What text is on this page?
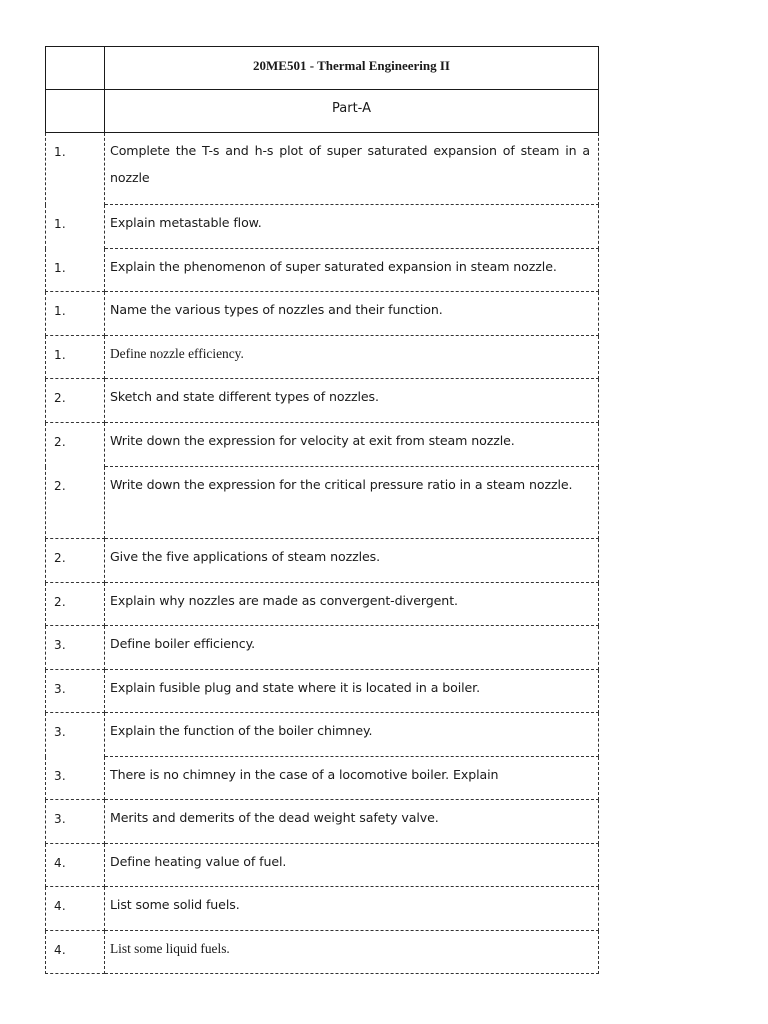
	20ME501 - Thermal Engineering II

	Part-A

1.	Complete the T-s and h-s plot of super saturated expansion of steam in a nozzle

1.	Explain metastable flow.

1.	Explain the phenomenon of super saturated expansion in steam nozzle.

1.	Name the various types of nozzles and their function.

1.	Define nozzle efficiency.

2.	Sketch and state different types of nozzles.

2.	Write down the expression for velocity at exit from steam nozzle.

2.	Write down the expression for the critical pressure ratio in a steam nozzle.

2.	Give the five applications of steam nozzles.

2.	Explain why nozzles are made as convergent-divergent.

3.	Define boiler efficiency.

3.	Explain fusible plug and state where it is located in a boiler.

3.	Explain the function of the boiler chimney.

3.	There is no chimney in the case of a locomotive boiler. Explain

3.	Merits and demerits of the dead weight safety valve.

4.	Define heating value of fuel.

4.	List some solid fuels.

4.	List some liquid fuels.
